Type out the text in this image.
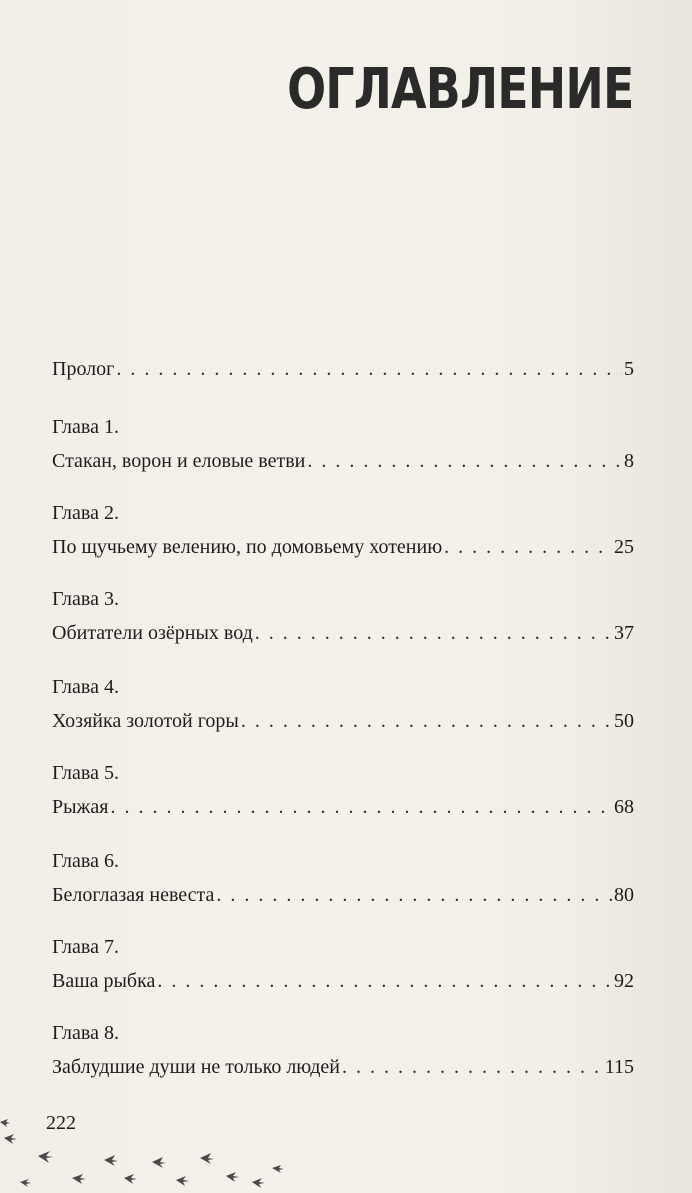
ОГЛАВЛЕНИЕ
Пролог . . .	5
Глава 1.
Стакан, ворон и еловые ветви . . .	8
Глава 2.
По щучьему велению, по домовьему хотению . . .	25
Глава 3.
Обитатели озёрных вод . . .	37
Глава 4.
Хозяйка золотой горы . . .	50
Глава 5.
Рыжая . . .	68
Глава 6.
Белоглазая невеста . . .	80
Глава 7.
Ваша рыбка . . .	92
Глава 8.
Заблудшие души не только людей . . .	115
222
